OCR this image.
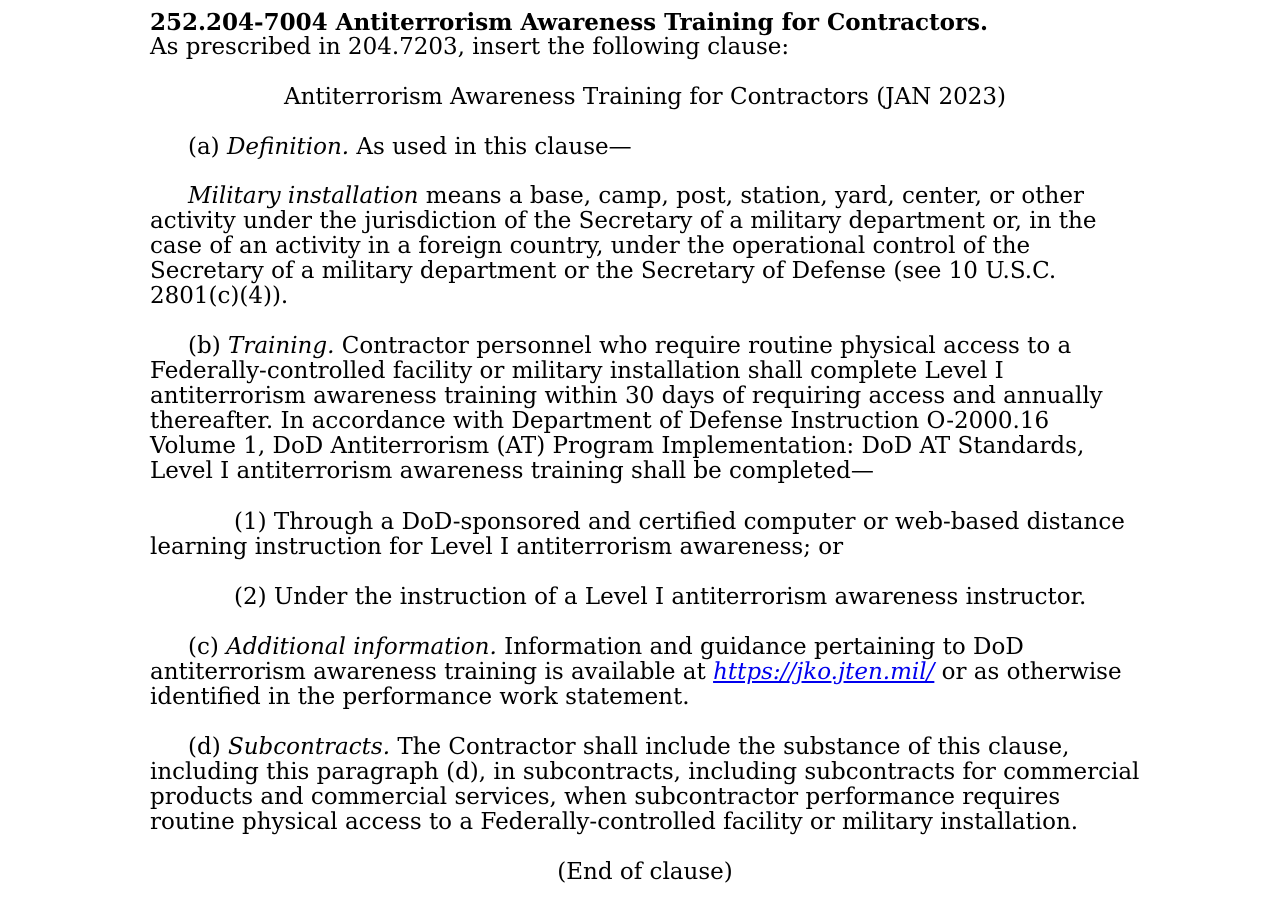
252.204-7004 Antiterrorism Awareness Training for Contractors.
As prescribed in 204.7203, insert the following clause:

Antiterrorism Awareness Training for Contractors (JAN 2023)

(a) Definition. As used in this clause—

Military installation means a base, camp, post, station, yard, center, or other activity under the jurisdiction of the Secretary of a military department or, in the case of an activity in a foreign country, under the operational control of the Secretary of a military department or the Secretary of Defense (see 10 U.S.C. 2801(c)(4)).

(b) Training. Contractor personnel who require routine physical access to a Federally-controlled facility or military installation shall complete Level I antiterrorism awareness training within 30 days of requiring access and annually thereafter. In accordance with Department of Defense Instruction O-2000.16 Volume 1, DoD Antiterrorism (AT) Program Implementation: DoD AT Standards, Level I antiterrorism awareness training shall be completed—

(1) Through a DoD-sponsored and certified computer or web-based distance learning instruction for Level I antiterrorism awareness; or

(2) Under the instruction of a Level I antiterrorism awareness instructor.

(c) Additional information. Information and guidance pertaining to DoD antiterrorism awareness training is available at https://jko.jten.mil/ or as otherwise identified in the performance work statement.

(d) Subcontracts. The Contractor shall include the substance of this clause, including this paragraph (d), in subcontracts, including subcontracts for commercial products and commercial services, when subcontractor performance requires routine physical access to a Federally-controlled facility or military installation.

(End of clause)
